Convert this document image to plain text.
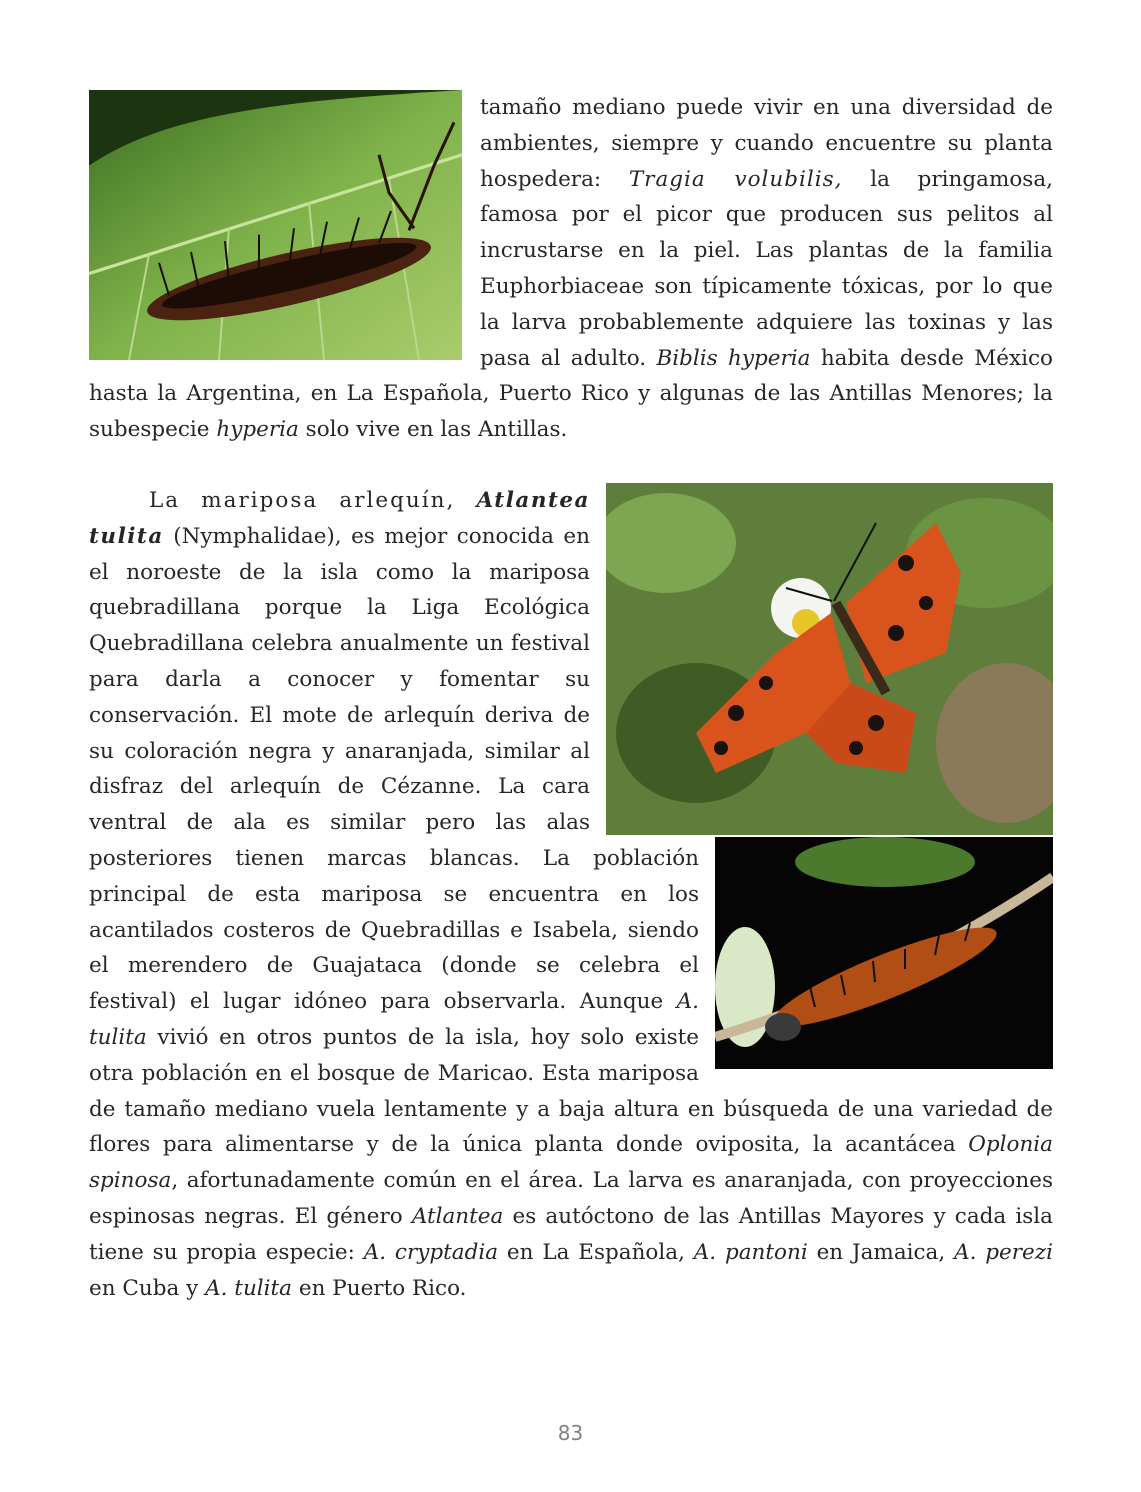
tamaño mediano puede vivir en una diversidad de ambientes, siempre y cuando encuentre su planta hospedera: Tragia volubilis, la pringamosa, famosa por el picor que producen sus pelitos al incrustarse en la piel. Las plantas de la familia Euphorbiaceae son típicamente tóxicas, por lo que la larva probablemente adquiere las toxinas y las pasa al adulto. Biblis hyperia habita desde México hasta la Argentina, en La Española, Puerto Rico y algunas de las Antillas Menores; la subespecie hyperia solo vive en las Antillas.

La mariposa arlequín, Atlantea tulita (Nymphalidae), es mejor conocida en el noroeste de la isla como la mariposa quebradillana porque la Liga Ecológica Quebradillana celebra anualmente un festival para darla a conocer y fomentar su conservación. El mote de arlequín deriva de su coloración negra y anaranjada, similar al disfraz del arlequín de Cézanne. La cara ventral de ala es similar pero las alas posteriores tienen marcas blancas. La población principal de esta mariposa se encuentra en los acantilados costeros de Quebradillas e Isabela, siendo el merendero de Guajataca (donde se celebra el festival) el lugar idóneo para observarla. Aunque A. tulita vivió en otros puntos de la isla, hoy solo existe otra población en el bosque de Maricao. Esta mariposa de tamaño mediano vuela lentamente y a baja altura en búsqueda de una variedad de flores para alimentarse y de la única planta donde oviposita, la acantácea Oplonia spinosa, afortunadamente común en el área. La larva es anaranjada, con proyecciones espinosas negras. El género Atlantea es autóctono de las Antillas Mayores y cada isla tiene su propia especie: A. cryptadia en La Española, A. pantoni en Jamaica, A. perezi en Cuba y A. tulita en Puerto Rico.

83
